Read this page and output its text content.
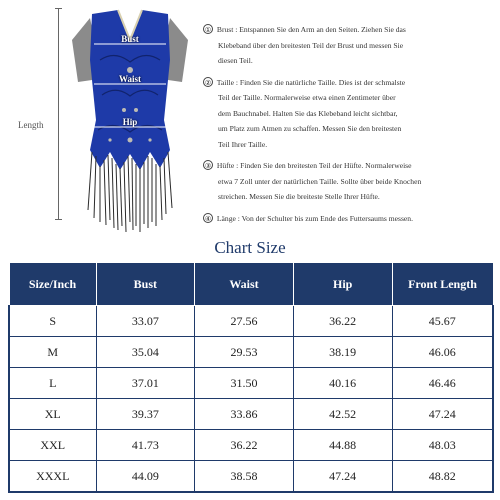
Length
Bust
Waist
Hip

① Brust : Entspannen Sie den Arm an den Seiten. Ziehen Sie das
Klebeband über den breitesten Teil der Brust und messen Sie
diesen Teil.

② Taille : Finden Sie die natürliche Taille. Dies ist der schmalste
Teil der Taille. Normalerweise etwa einen Zentimeter über
dem Bauchnabel. Halten Sie das Klebeband leicht sichtbar,
um Platz zum Atmen zu schaffen. Messen Sie den breitesten
Teil Ihrer Taille.

③ Hüfte : Finden Sie den breitesten Teil der Hüfte. Normalerweise
etwa 7 Zoll unter der natürlichen Taille. Sollte über beide Knochen
streichen. Messen Sie die breiteste Stelle Ihrer Hüfte.

④ Länge : Von der Schulter bis zum Ende des Futtersaums messen.

Chart Size
Size/Inch	Bust	Waist	Hip	Front Length
S	33.07	27.56	36.22	45.67
M	35.04	29.53	38.19	46.06
L	37.01	31.50	40.16	46.46
XL	39.37	33.86	42.52	47.24
XXL	41.73	36.22	44.88	48.03
XXXL	44.09	38.58	47.24	48.82
